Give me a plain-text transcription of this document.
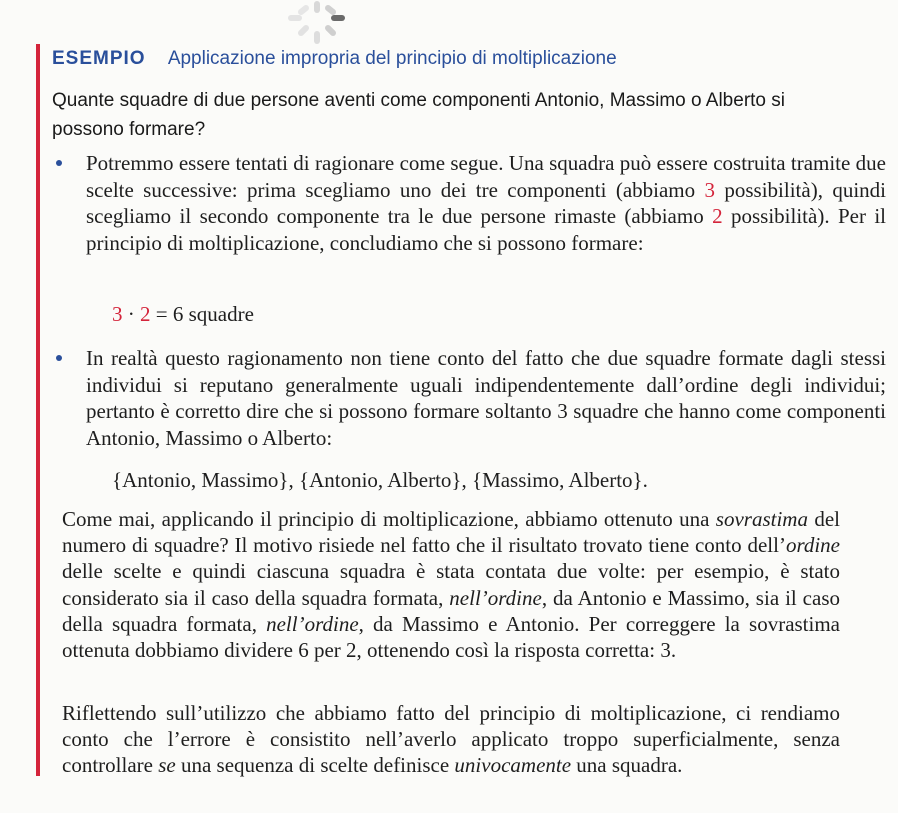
ESEMPIO Applicazione impropria del principio di moltiplicazione
Quante squadre di due persone aventi come componenti Antonio, Massimo o Alberto si possono formare?
Potremmo essere tentati di ragionare come segue. Una squadra può essere costruita tramite due scelte successive: prima scegliamo uno dei tre componenti (abbiamo 3 possibilità), quindi scegliamo il secondo componente tra le due persone rimaste (abbiamo 2 possibilità). Per il principio di moltiplicazione, concludiamo che si possono formare:
3 · 2 = 6 squadre
In realtà questo ragionamento non tiene conto del fatto che due squadre formate dagli stessi individui si reputano generalmente uguali indipendentemente dall’ordine degli individui; pertanto è corretto dire che si possono formare soltanto 3 squadre che hanno come componenti Antonio, Massimo o Alberto:
{Antonio, Massimo}, {Antonio, Alberto}, {Massimo, Alberto}.
Come mai, applicando il principio di moltiplicazione, abbiamo ottenuto una sovrastima del numero di squadre? Il motivo risiede nel fatto che il risultato trovato tiene conto dell’ordine delle scelte e quindi ciascuna squadra è stata contata due volte: per esempio, è stato considerato sia il caso della squadra formata, nell’ordine, da Antonio e Massimo, sia il caso della squadra formata, nell’ordine, da Massimo e Antonio. Per correggere la sovrastima ottenuta dobbiamo dividere 6 per 2, ottenendo così la risposta corretta: 3.
Riflettendo sull’utilizzo che abbiamo fatto del principio di moltiplicazione, ci rendiamo conto che l’errore è consistito nell’averlo applicato troppo superficialmente, senza controllare se una sequenza di scelte definisce univocamente una squadra.
